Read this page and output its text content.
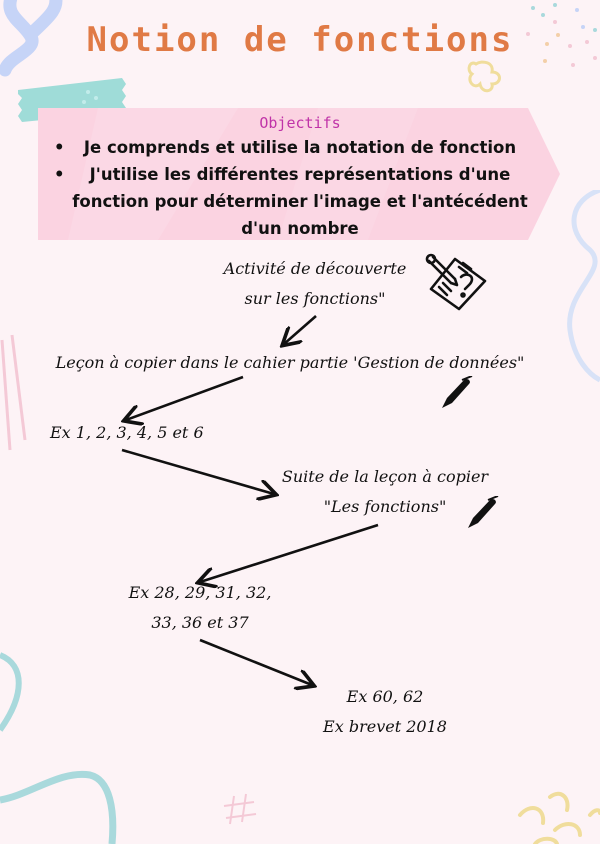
Notion de fonctions
Objectifs
• Je comprends et utilise la notation de fonction
•	J'utilise les différentes représentations d'une
fonction pour déterminer l'image et l'antécédent
d'un nombre
Activité de découverte
sur les fonctions"
Leçon à copier dans le cahier partie 'Gestion de données"
Ex 1, 2, 3, 4, 5 et 6
Suite de la leçon à copier
"Les fonctions"
Ex 28, 29, 31, 32,
33, 36 et 37
Ex 60, 62
Ex brevet 2018
